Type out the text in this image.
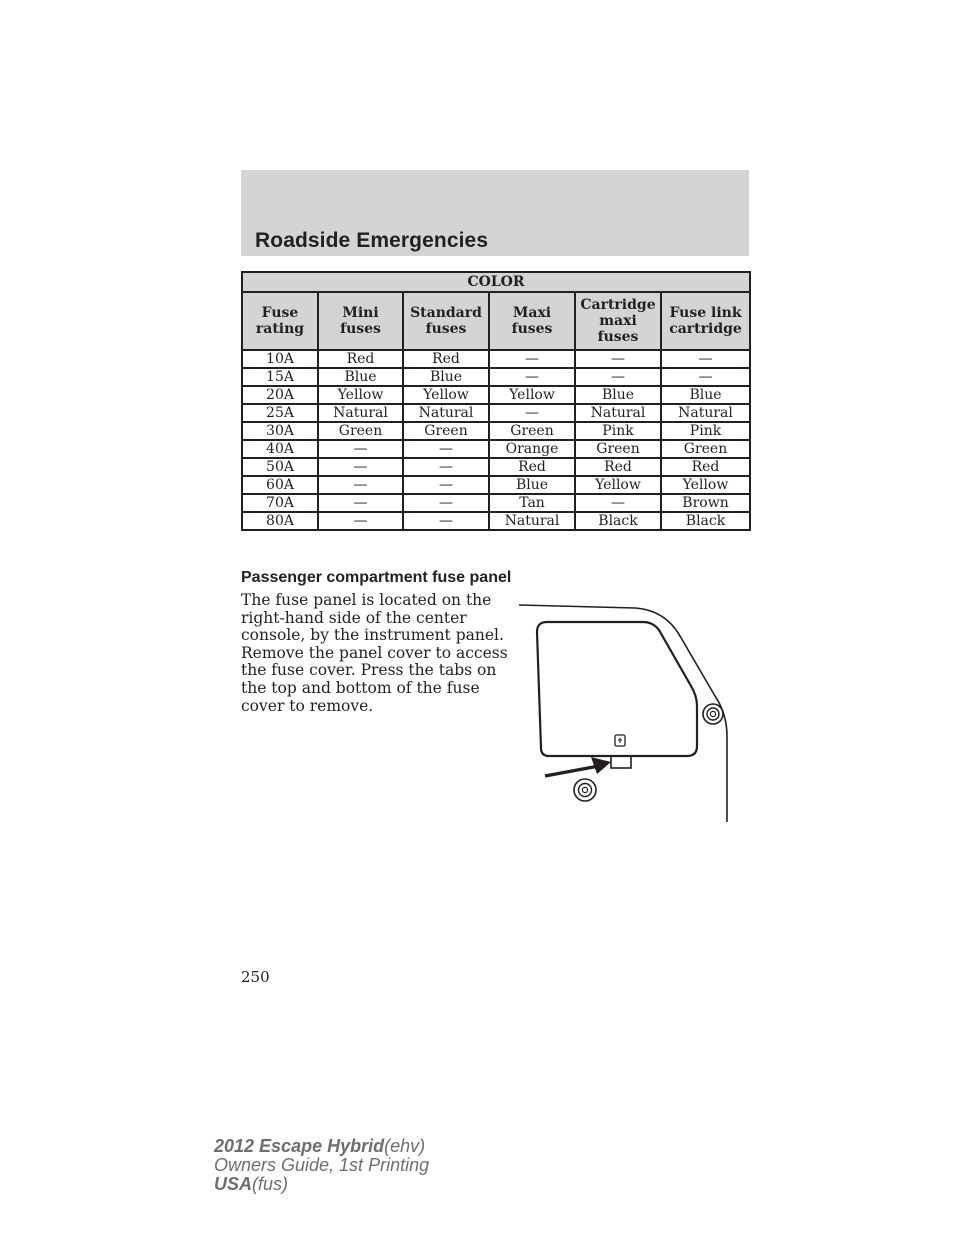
Roadside Emergencies
COLOR					
Fuse rating	Mini fuses	Standard fuses	Maxi fuses	Cartridge maxi fuses	Fuse link cartridge
10A	Red	Red	—	—	—
15A	Blue	Blue	—	—	—
20A	Yellow	Yellow	Yellow	Blue	Blue
25A	Natural	Natural	—	Natural	Natural
30A	Green	Green	Green	Pink	Pink
40A	—	—	Orange	Green	Green
50A	—	—	Red	Red	Red
60A	—	—	Blue	Yellow	Yellow
70A	—	—	Tan	—	Brown
80A	—	—	Natural	Black	Black

Passenger compartment fuse panel

The fuse panel is located on the right-hand side of the center console, by the instrument panel. Remove the panel cover to access the fuse cover. Press the tabs on the top and bottom of the fuse cover to remove.

250

2012 Escape Hybrid(ehv)
Owners Guide, 1st Printing
USA(fus)
